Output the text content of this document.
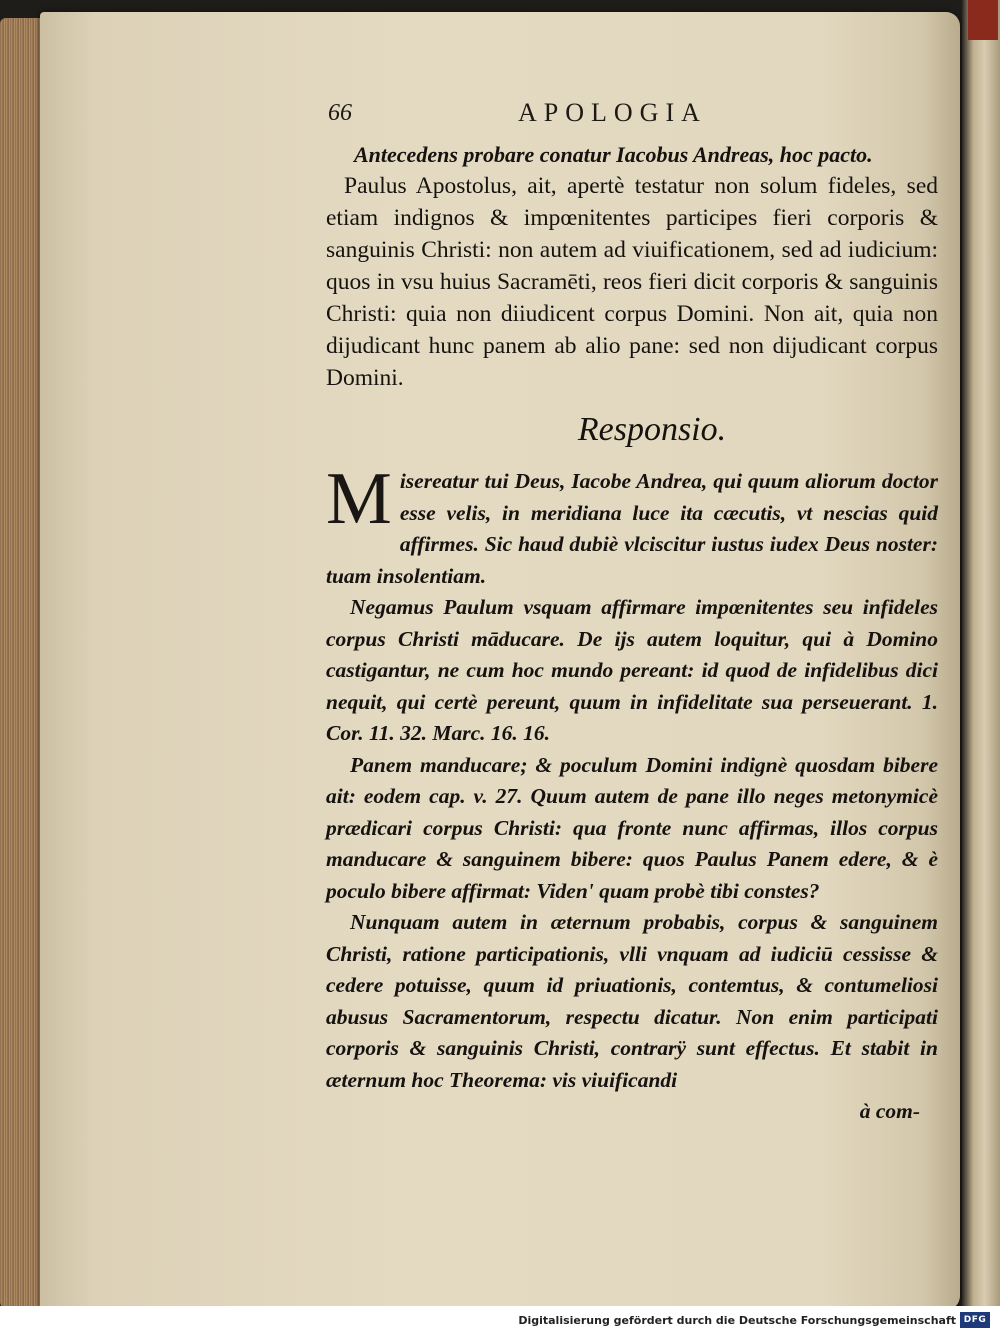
66	APOLOGIA

Antecedens probare conatur Iacobus Andreas, hoc pacto.

Paulus Apostolus, ait, apertè testatur non solum fideles, sed etiam indignos & impœnitentes participes fieri corporis & sanguinis Christi: non autem ad viuificationem, sed ad iudicium: quos in vsu huius Sacramēti, reos fieri dicit corporis & sanguinis Christi: quia non diiudicent corpus Domini. Non ait, quia non dijudicant hunc panem ab alio pane: sed non dijudicant corpus Domini.

Responsio.

Misereatur tui Deus, Iacobe Andrea, qui quum aliorum doctor esse velis, in meridiana luce ita cæcutis, vt nescias quid affirmes. Sic haud dubiè vlciscitur iustus iudex Deus noster: tuam insolentiam.

Negamus Paulum vsquam affirmare impœnitentes seu infideles corpus Christi māducare. De ijs autem loquitur, qui à Domino castigantur, ne cum hoc mundo pereant: id quod de infidelibus dici nequit, qui certè pereunt, quum in infidelitate sua perseuerant. 1. Cor. 11. 32. Marc. 16. 16.

Panem manducare; & poculum Domini indignè quosdam bibere ait: eodem cap. v. 27. Quum autem de pane illo neges metonymicè prædicari corpus Christi: qua fronte nunc affirmas, illos corpus manducare & sanguinem bibere: quos Paulus Panem edere, & è poculo bibere affirmat: Viden' quam probè tibi constes?

Nunquam autem in æternum probabis, corpus & sanguinem Christi, ratione participationis, vlli vnquam ad iudiciū cessisse & cedere potuisse, quum id priuationis, contemtus, & contumeliosi abusus Sacramentorum, respectu dicatur. Non enim participati corporis & sanguinis Christi, contrarÿ sunt effectus. Et stabit in æternum hoc Theorema: vis viuificandi

à com-

Digitalisierung gefördert durch die Deutsche Forschungsgemeinschaft DFG
